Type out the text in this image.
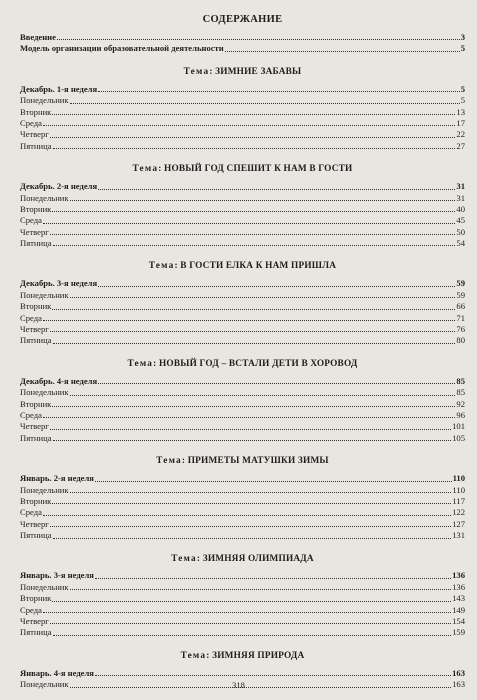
СОДЕРЖАНИЕ
Введение	3
Модель организации образовательной деятельности	5
Тема: ЗИМНИЕ ЗАБАВЫ
Декабрь. 1-я неделя	5
Понедельник	5
Вторник	13
Среда	17
Четверг	22
Пятница	27
Тема: НОВЫЙ ГОД СПЕШИТ К НАМ В ГОСТИ
Декабрь. 2-я неделя	31
Понедельник	31
Вторник	40
Среда	45
Четверг	50
Пятница	54
Тема: В ГОСТИ ЕЛКА К НАМ ПРИШЛА
Декабрь. 3-я неделя	59
Понедельник	59
Вторник	66
Среда	71
Четверг	76
Пятница	80
Тема: НОВЫЙ ГОД – ВСТАЛИ ДЕТИ В ХОРОВОД
Декабрь. 4-я неделя	85
Понедельник	85
Вторник	92
Среда	96
Четверг	101
Пятница	105
Тема: ПРИМЕТЫ МАТУШКИ ЗИМЫ
Январь. 2-я неделя	110
Понедельник	110
Вторник	117
Среда	122
Четверг	127
Пятница	131
Тема: ЗИМНЯЯ ОЛИМПИАДА
Январь. 3-я неделя	136
Понедельник	136
Вторник	143
Среда	149
Четверг	154
Пятница	159
Тема: ЗИМНЯЯ ПРИРОДА
Январь. 4-я неделя	163
Понедельник	163
318
